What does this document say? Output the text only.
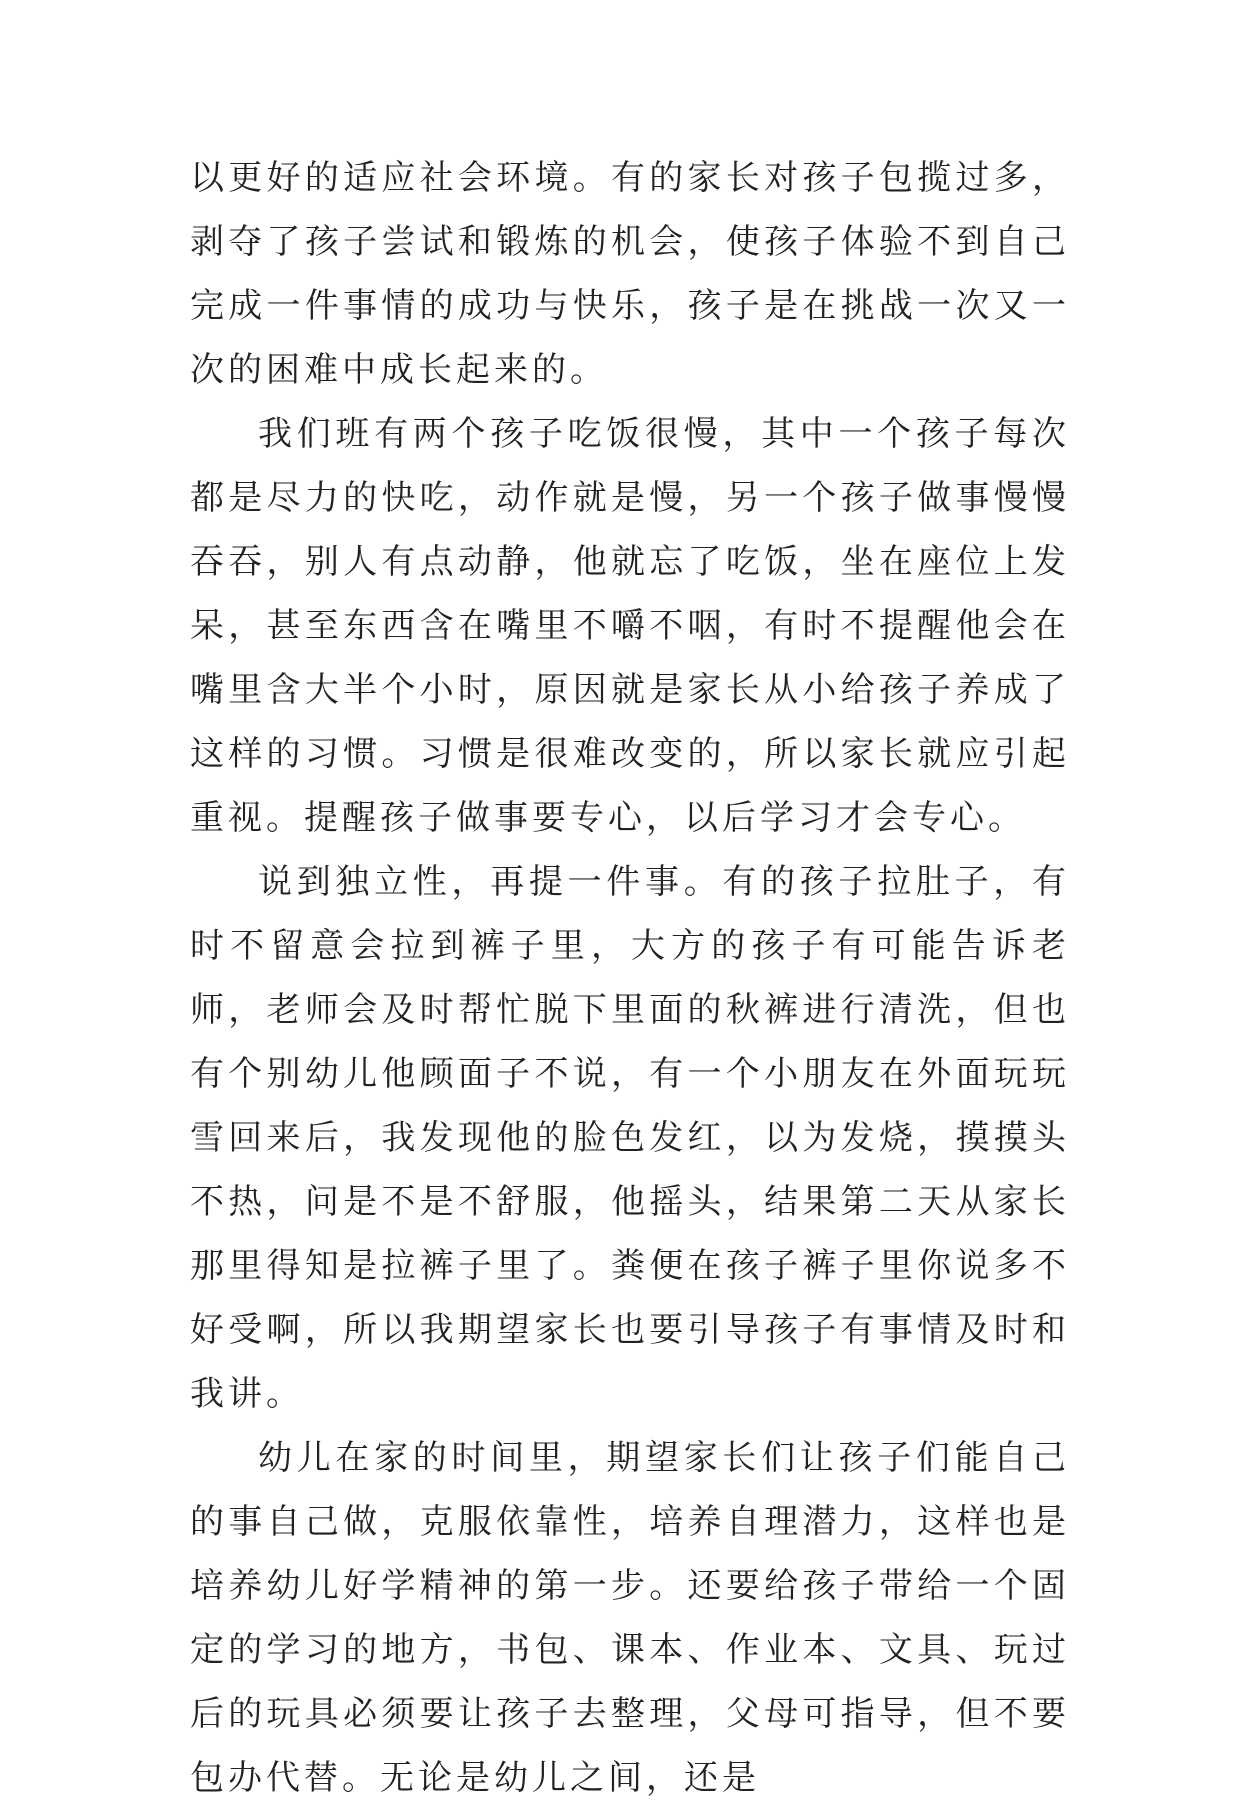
以更好的适应社会环境。有的家长对孩子包揽过多，剥夺了孩子尝试和锻炼的机会，使孩子体验不到自己完成一件事情的成功与快乐，孩子是在挑战一次又一次的困难中成长起来的。

我们班有两个孩子吃饭很慢，其中一个孩子每次都是尽力的快吃，动作就是慢，另一个孩子做事慢慢吞吞，别人有点动静，他就忘了吃饭，坐在座位上发呆，甚至东西含在嘴里不嚼不咽，有时不提醒他会在嘴里含大半个小时，原因就是家长从小给孩子养成了这样的习惯。习惯是很难改变的，所以家长就应引起重视。提醒孩子做事要专心，以后学习才会专心。

说到独立性，再提一件事。有的孩子拉肚子，有时不留意会拉到裤子里，大方的孩子有可能告诉老师，老师会及时帮忙脱下里面的秋裤进行清洗，但也有个别幼儿他顾面子不说，有一个小朋友在外面玩玩雪回来后，我发现他的脸色发红，以为发烧，摸摸头不热，问是不是不舒服，他摇头，结果第二天从家长那里得知是拉裤子里了。粪便在孩子裤子里你说多不好受啊，所以我期望家长也要引导孩子有事情及时和我讲。

幼儿在家的时间里，期望家长们让孩子们能自己的事自己做，克服依靠性，培养自理潜力，这样也是培养幼儿好学精神的第一步。还要给孩子带给一个固定的学习的地方，书包、课本、作业本、文具、玩过后的玩具必须要让孩子去整理，父母可指导，但不要包办代替。无论是幼儿之间，还是
